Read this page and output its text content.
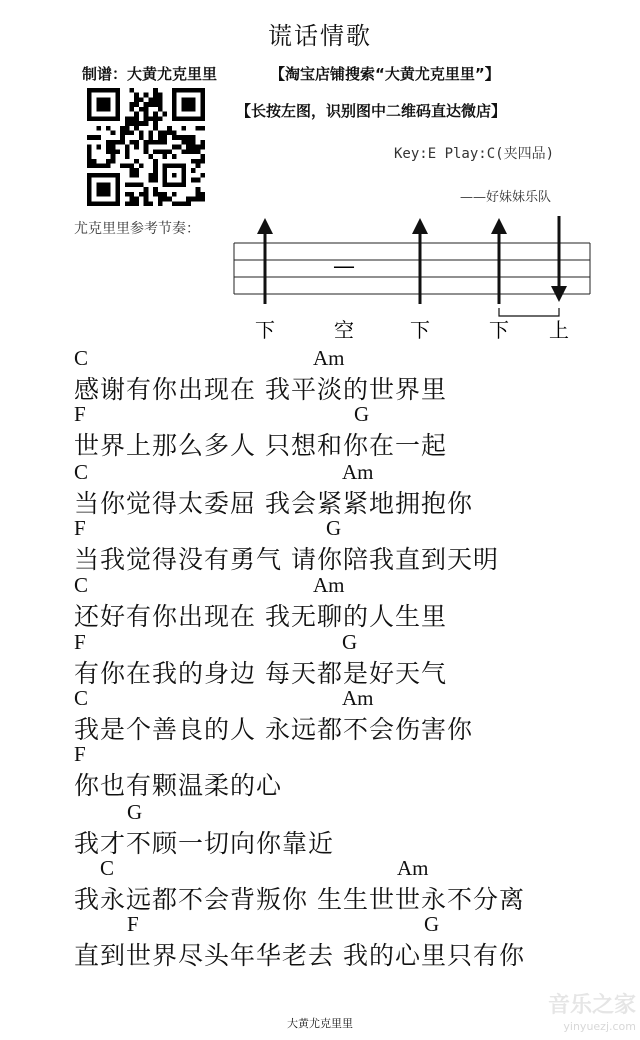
谎话情歌
制谱：大黄尤克里里	【淘宝店铺搜索“大黄尤克里里”】
【长按左图，识别图中二维码直达微店】
Key:E Play:C(夹四品)
——好妹妹乐队
尤克里里参考节奏：
—
下	空	下	下 上
C	Am
F	G
C	Am
F	G
C	Am
F	G
C	Am
F
G
C	Am
F	G
感谢有你出现在 我平淡的世界里
世界上那么多人 只想和你在一起
当你觉得太委屈 我会紧紧地拥抱你
当我觉得没有勇气 请你陪我直到天明
还好有你出现在 我无聊的人生里
有你在我的身边 每天都是好天气
我是个善良的人 永远都不会伤害你
你也有颗温柔的心
我才不顾一切向你靠近
我永远都不会背叛你 生生世世永不分离
直到世界尽头年华老去 我的心里只有你
大黄尤克里里
音乐之家
yinyuezj.com
